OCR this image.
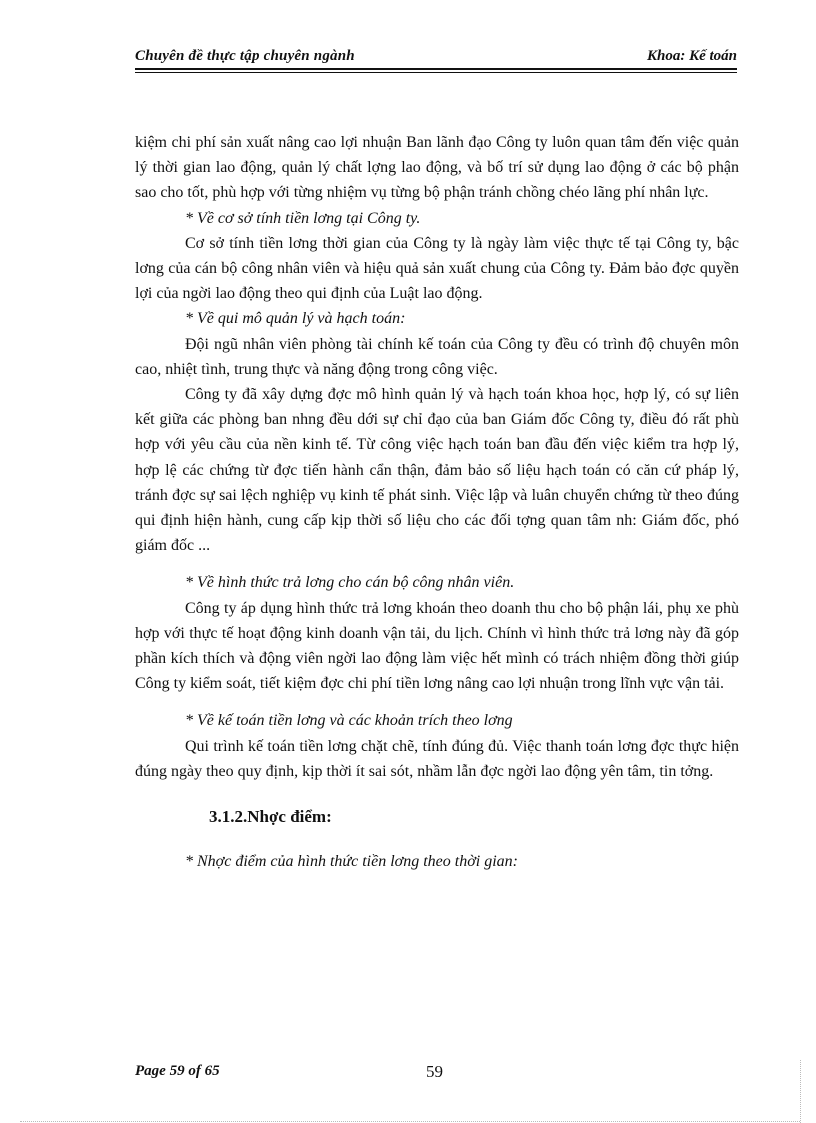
Chuyên đề thực tập chuyên ngành	Khoa: Kế toán

kiệm chi phí sản xuất nâng cao lợi nhuận Ban lãnh đạo Công ty luôn quan tâm đến việc quản lý thời gian lao động, quản lý chất lợng lao động, và bố trí sử dụng lao động ở các bộ phận sao cho tốt, phù hợp với từng nhiệm vụ từng bộ phận tránh chồng chéo lãng phí nhân lực.

* Về cơ sở tính tiền lơng tại Công ty.

Cơ sở tính tiền lơng thời gian của Công ty là ngày làm việc thực tế tại Công ty, bậc lơng của cán bộ công nhân viên và hiệu quả sản xuất chung của Công ty. Đảm bảo đợc quyền lợi của ngời lao động theo qui định của Luật lao động.

* Về qui mô quản lý và hạch toán:

Đội ngũ nhân viên phòng tài chính kế toán của Công ty đều có trình độ chuyên môn cao, nhiệt tình, trung thực và năng động trong công việc.

Công ty đã xây dựng đợc mô hình quản lý và hạch toán khoa học, hợp lý, có sự liên kết giữa các phòng ban nhng đều dới sự chỉ đạo của ban Giám đốc Công ty, điều đó rất phù hợp với yêu cầu của nền kinh tế. Từ công việc hạch toán ban đầu đến việc kiểm tra hợp lý, hợp lệ các chứng từ đợc tiến hành cẩn thận, đảm bảo số liệu hạch toán có căn cứ pháp lý, tránh đợc sự sai lệch nghiệp vụ kinh tế phát sinh. Việc lập và luân chuyển chứng từ theo đúng qui định hiện hành, cung cấp kịp thời số liệu cho các đối tợng quan tâm nh: Giám đốc, phó giám đốc ...

* Về hình thức trả lơng cho cán bộ công nhân viên.

Công ty áp dụng hình thức trả lơng khoán theo doanh thu cho bộ phận lái, phụ xe phù hợp với thực tế hoạt động kinh doanh vận tải, du lịch. Chính vì hình thức trả lơng này đã góp phần kích thích và động viên ngời lao động làm việc hết mình có trách nhiệm đồng thời giúp Công ty kiểm soát, tiết kiệm đợc chi phí tiền lơng nâng cao lợi nhuận trong lĩnh vực vận tải.

* Về kế toán tiền lơng và các khoản trích theo lơng

Qui trình kế toán tiền lơng chặt chẽ, tính đúng đủ. Việc thanh toán lơng đợc thực hiện đúng ngày theo quy định, kịp thời ít sai sót, nhầm lẫn đợc ngời lao động yên tâm, tin tởng.

3.1.2.Nhợc điểm:

* Nhợc điểm của hình thức tiền lơng theo thời gian:

Page 59 of 65	59
